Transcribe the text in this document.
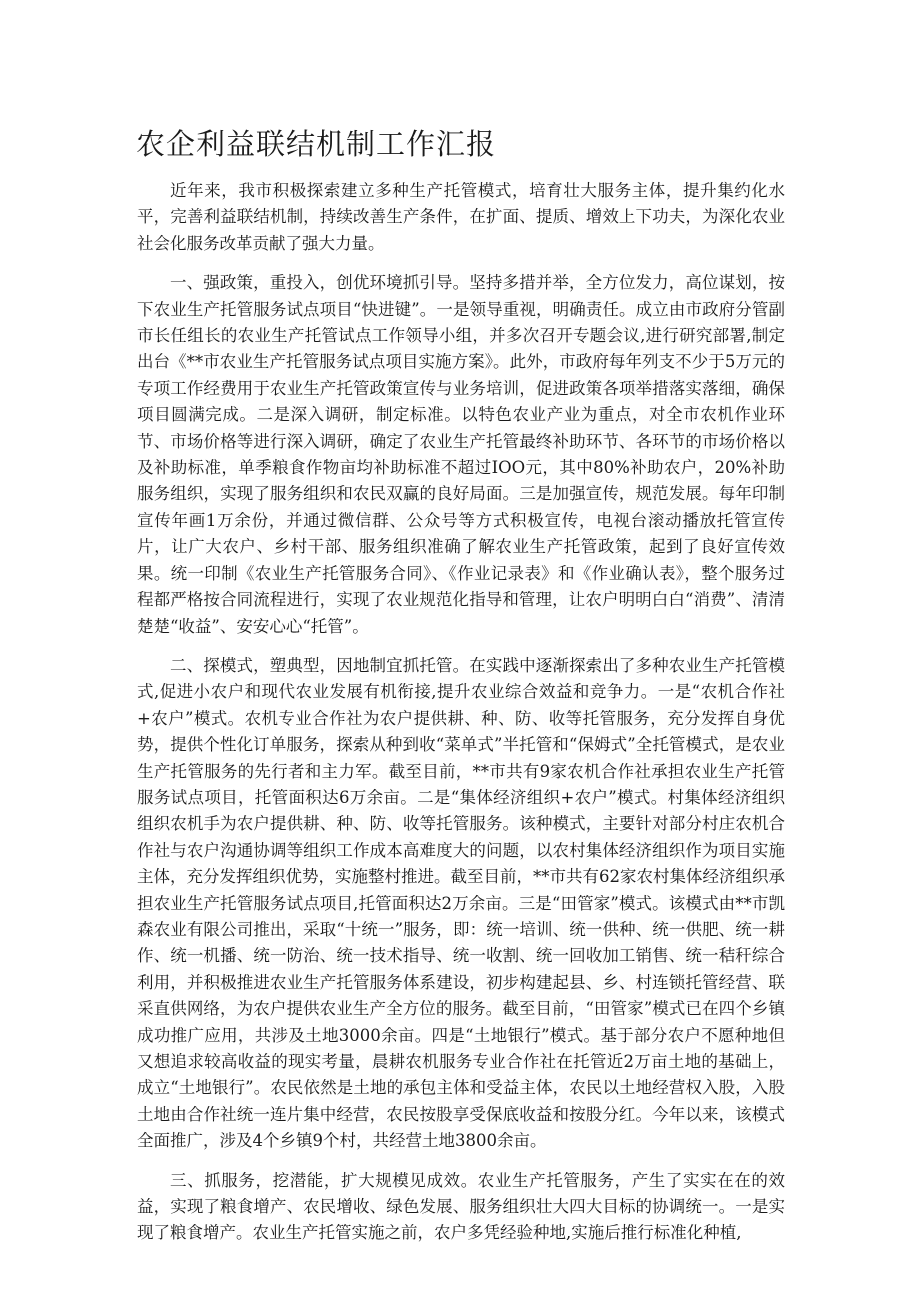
农企利益联结机制工作汇报

近年来，我市积极探索建立多种生产托管模式，培育壮大服务主体，提升集约化水平，完善利益联结机制，持续改善生产条件，在扩面、提质、增效上下功夫，为深化农业社会化服务改革贡献了强大力量。

一、强政策，重投入，创优环境抓引导。坚持多措并举，全方位发力，高位谋划，按下农业生产托管服务试点项目“快进键”。一是领导重视，明确责任。成立由市政府分管副市长任组长的农业生产托管试点工作领导小组，并多次召开专题会议,进行研究部署,制定出台《**市农业生产托管服务试点项目实施方案》。此外，市政府每年列支不少于5万元的专项工作经费用于农业生产托管政策宣传与业务培训，促进政策各项举措落实落细，确保项目圆满完成。二是深入调研，制定标准。以特色农业产业为重点，对全市农机作业环节、市场价格等进行深入调研，确定了农业生产托管最终补助环节、各环节的市场价格以及补助标准，单季粮食作物亩均补助标准不超过IOO元，其中80%补助农户，20%补助服务组织，实现了服务组织和农民双赢的良好局面。三是加强宣传，规范发展。每年印制宣传年画1万余份，并通过微信群、公众号等方式积极宣传，电视台滚动播放托管宣传片，让广大农户、乡村干部、服务组织准确了解农业生产托管政策，起到了良好宣传效果。统一印制《农业生产托管服务合同》、《作业记录表》和《作业确认表》，整个服务过程都严格按合同流程进行，实现了农业规范化指导和管理，让农户明明白白“消费”、清清楚楚“收益”、安安心心“托管”。

二、探模式，塑典型，因地制宜抓托管。在实践中逐渐探索出了多种农业生产托管模式,促进小农户和现代农业发展有机衔接,提升农业综合效益和竞争力。一是“农机合作社+农户”模式。农机专业合作社为农户提供耕、种、防、收等托管服务，充分发挥自身优势，提供个性化订单服务，探索从种到收“菜单式”半托管和“保姆式”全托管模式，是农业生产托管服务的先行者和主力军。截至目前，**市共有9家农机合作社承担农业生产托管服务试点项目，托管面积达6万余亩。二是“集体经济组织+农户”模式。村集体经济组织组织农机手为农户提供耕、种、防、收等托管服务。该种模式，主要针对部分村庄农机合作社与农户沟通协调等组织工作成本高难度大的问题，以农村集体经济组织作为项目实施主体，充分发挥组织优势，实施整村推进。截至目前，**市共有62家农村集体经济组织承担农业生产托管服务试点项目,托管面积达2万余亩。三是“田管家”模式。该模式由**市凯森农业有限公司推出，采取“十统一”服务，即：统一培训、统一供种、统一供肥、统一耕作、统一机播、统一防治、统一技术指导、统一收割、统一回收加工销售、统一秸秆综合利用，并积极推进农业生产托管服务体系建设，初步构建起县、乡、村连锁托管经营、联采直供网络，为农户提供农业生产全方位的服务。截至目前，“田管家”模式已在四个乡镇成功推广应用，共涉及土地3000余亩。四是“土地银行”模式。基于部分农户不愿种地但又想追求较高收益的现实考量，晨耕农机服务专业合作社在托管近2万亩土地的基础上，成立“土地银行”。农民依然是土地的承包主体和受益主体，农民以土地经营权入股，入股土地由合作社统一连片集中经营，农民按股享受保底收益和按股分红。今年以来，该模式全面推广，涉及4个乡镇9个村，共经营土地3800余亩。

三、抓服务，挖潜能，扩大规模见成效。农业生产托管服务，产生了实实在在的效益，实现了粮食增产、农民增收、绿色发展、服务组织壮大四大目标的协调统一。一是实现了粮食增产。农业生产托管实施之前，农户多凭经验种地,实施后推行标准化种植,
